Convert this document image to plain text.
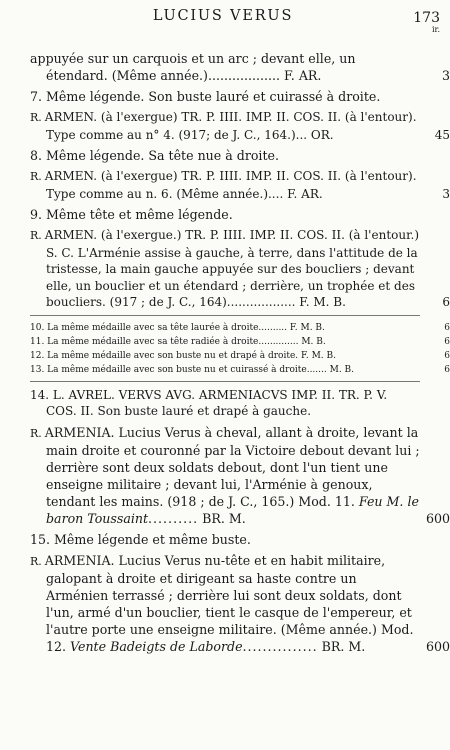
LUCIUS VERUS	173
ir.

appuyée sur un carquois et un arc ; devant elle, un étendard. (Même année.).................. F. AR.	3

7. Même légende. Son buste lauré et cuirassé à droite.

R. ARMEN. (à l'exergue) TR. P. IIII. IMP. II. COS. II. (à l'entour). Type comme au n° 4. (917; de J. C., 164.)... OR.	45

8. Même légende. Sa tête nue à droite.

R. ARMEN. (à l'exergue) TR. P. IIII. IMP. II. COS. II. (à l'entour). Type comme au n. 6. (Même année.).... F. AR.	3

9. Même tête et même légende.

R. ARMEN. (à l'exergue.) TR. P. IIII. IMP. II. COS. II. (à l'entour.) S. C. L'Arménie assise à gauche, à terre, dans l'attitude de la tristesse, la main gauche appuyée sur des boucliers ; devant elle, un bouclier et un étendard ; derrière, un trophée et des boucliers. (917 ; de J. C., 164).................. F. M. B.	6

10. La même médaille avec sa tête laurée à droite.......... F. M. B.	6

11. La même médaille avec sa tête radiée à droite.............. M. B.	6

12. La même médaille avec son buste nu et drapé à droite. F. M. B.	6

13. La même médaille avec son buste nu et cuirassé à droite....... M. B.	6

14. L. AVREL. VERVS AVG. ARMENIACVS IMP. II. TR. P. V. COS. II. Son buste lauré et drapé à gauche.

R. ARMENIA. Lucius Verus à cheval, allant à droite, levant la main droite et couronné par la Victoire debout devant lui ; derrière sont deux soldats debout, dont l'un tient une enseigne militaire ; devant lui, l'Arménie à genoux, tendant les mains. (918 ; de J. C., 165.) Mod. 11. Feu M. le baron Toussaint.......... BR. M.	600

15. Même légende et même buste.

R. ARMENIA. Lucius Verus nu-tête et en habit militaire, galopant à droite et dirigeant sa haste contre un Arménien terrassé ; derrière lui sont deux soldats, dont l'un, armé d'un bouclier, tient le casque de l'empereur, et l'autre porte une enseigne militaire. (Même année.) Mod. 12. Vente Badeigts de Laborde............... BR. M.	600
